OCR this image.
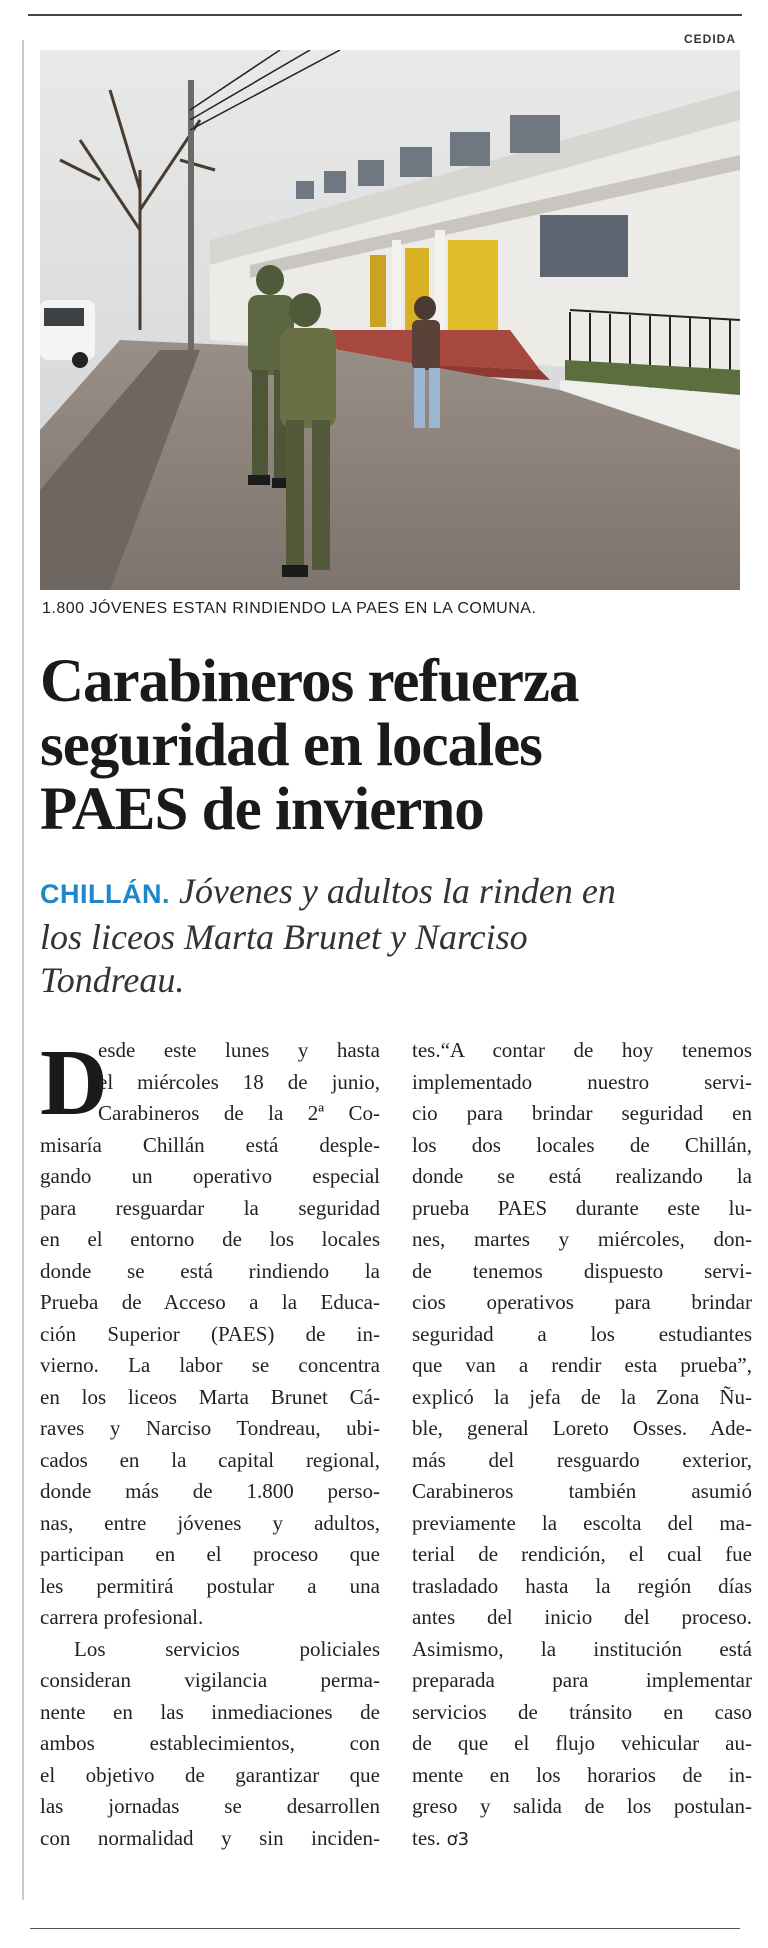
CEDIDA
1.800 JÓVENES ESTAN RINDIENDO LA PAES EN LA COMUNA.
Carabineros refuerza
seguridad en locales
PAES de invierno
CHILLÁN. Jóvenes y adultos la rinden en
los liceos Marta Brunet y Narciso
Tondreau.
D
esde este lunes y hasta
el miércoles 18 de junio,
Carabineros de la 2ª Co-
misaría Chillán está desple-
gando un operativo especial
para resguardar la seguridad
en el entorno de los locales
donde se está rindiendo la
Prueba de Acceso a la Educa-
ción Superior (PAES) de in-
vierno. La labor se concentra
en los liceos Marta Brunet Cá-
raves y Narciso Tondreau, ubi-
cados en la capital regional,
donde más de 1.800 perso-
nas, entre jóvenes y adultos,
participan en el proceso que
les permitirá postular a una
carrera profesional.
Los servicios policiales
consideran vigilancia perma-
nente en las inmediaciones de
ambos establecimientos, con
el objetivo de garantizar que
las jornadas se desarrollen
con normalidad y sin inciden-
tes.“A contar de hoy tenemos
implementado nuestro servi-
cio para brindar seguridad en
los dos locales de Chillán,
donde se está realizando la
prueba PAES durante este lu-
nes, martes y miércoles, don-
de tenemos dispuesto servi-
cios operativos para brindar
seguridad a los estudiantes
que van a rendir esta prueba”,
explicó la jefa de la Zona Ñu-
ble, general Loreto Osses. Ade-
más del resguardo exterior,
Carabineros también asumió
previamente la escolta del ma-
terial de rendición, el cual fue
trasladado hasta la región días
antes del inicio del proceso.
Asimismo, la institución está
preparada para implementar
servicios de tránsito en caso
de que el flujo vehicular au-
mente en los horarios de in-
greso y salida de los postulan-
tes. ơ3
